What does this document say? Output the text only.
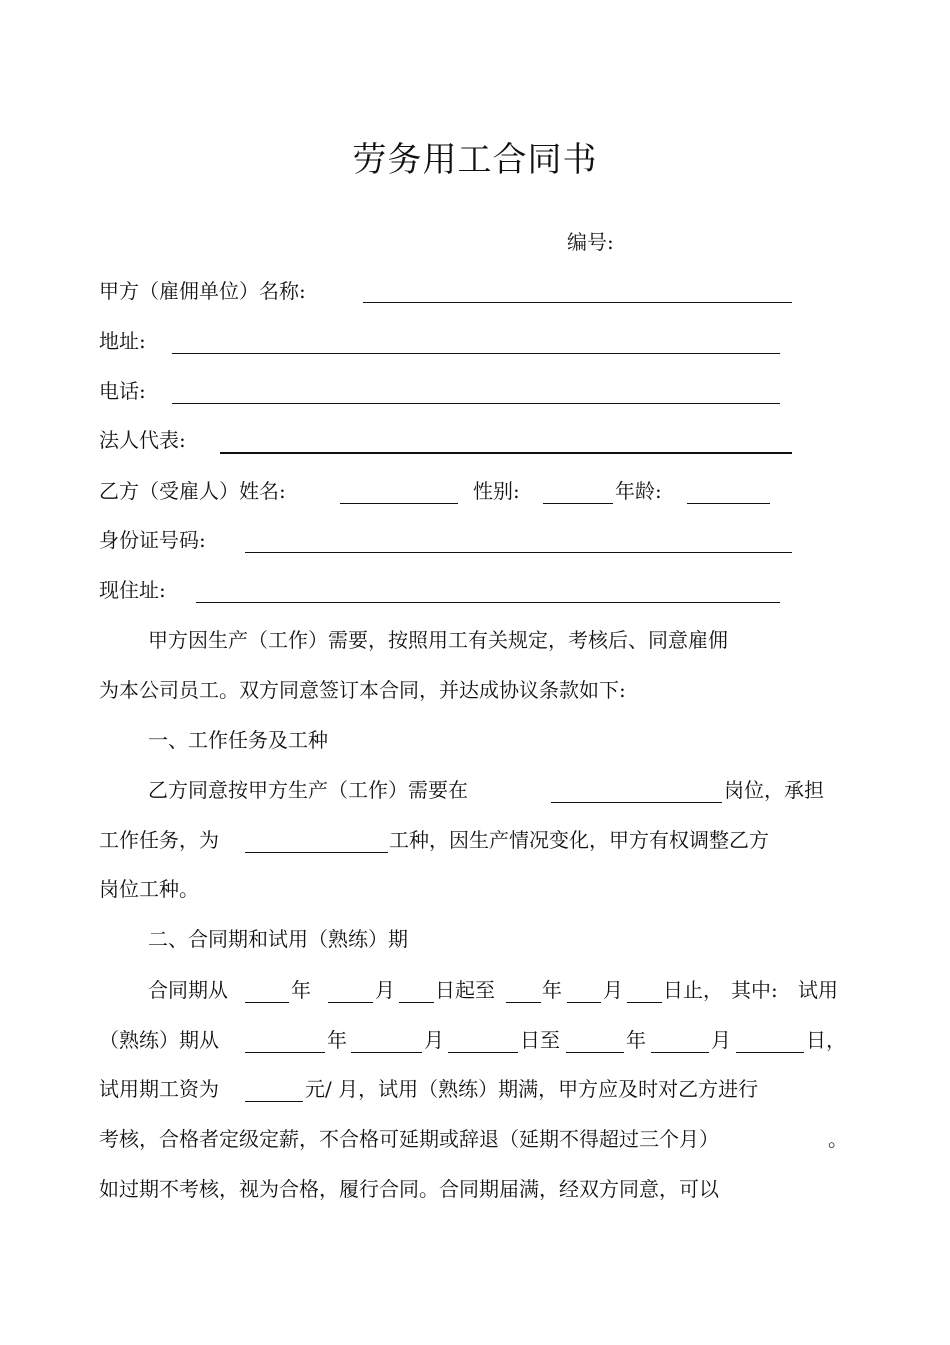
劳务用工合同书
编号:
甲方（雇佣单位）名称:
地址:
电话:
法人代表:
乙方（受雇人）姓名:	性别:	年龄:
身份证号码:
现住址:
甲方因生产（工作）需要，按照用工有关规定，考核后、同意雇佣
为本公司员工。双方同意签订本合同，并达成协议条款如下:
一、工作任务及工种
乙方同意按甲方生产（工作）需要在	岗位，承担
工作任务，为	工种，因生产情况变化，甲方有权调整乙方
岗位工种。
二、合同期和试用（熟练）期
合同期从	年	月 日起至 年 月 日止， 其中: 试用
（熟练）期从	年	月	日至	年	月	日，
试用期工资为	元/ 月，试用（熟练）期满，甲方应及时对乙方进行
考核，合格者定级定薪，不合格可延期或辞退（延期不得超过三个月）	。
如过期不考核，视为合格，履行合同。合同期届满，经双方同意，可以
